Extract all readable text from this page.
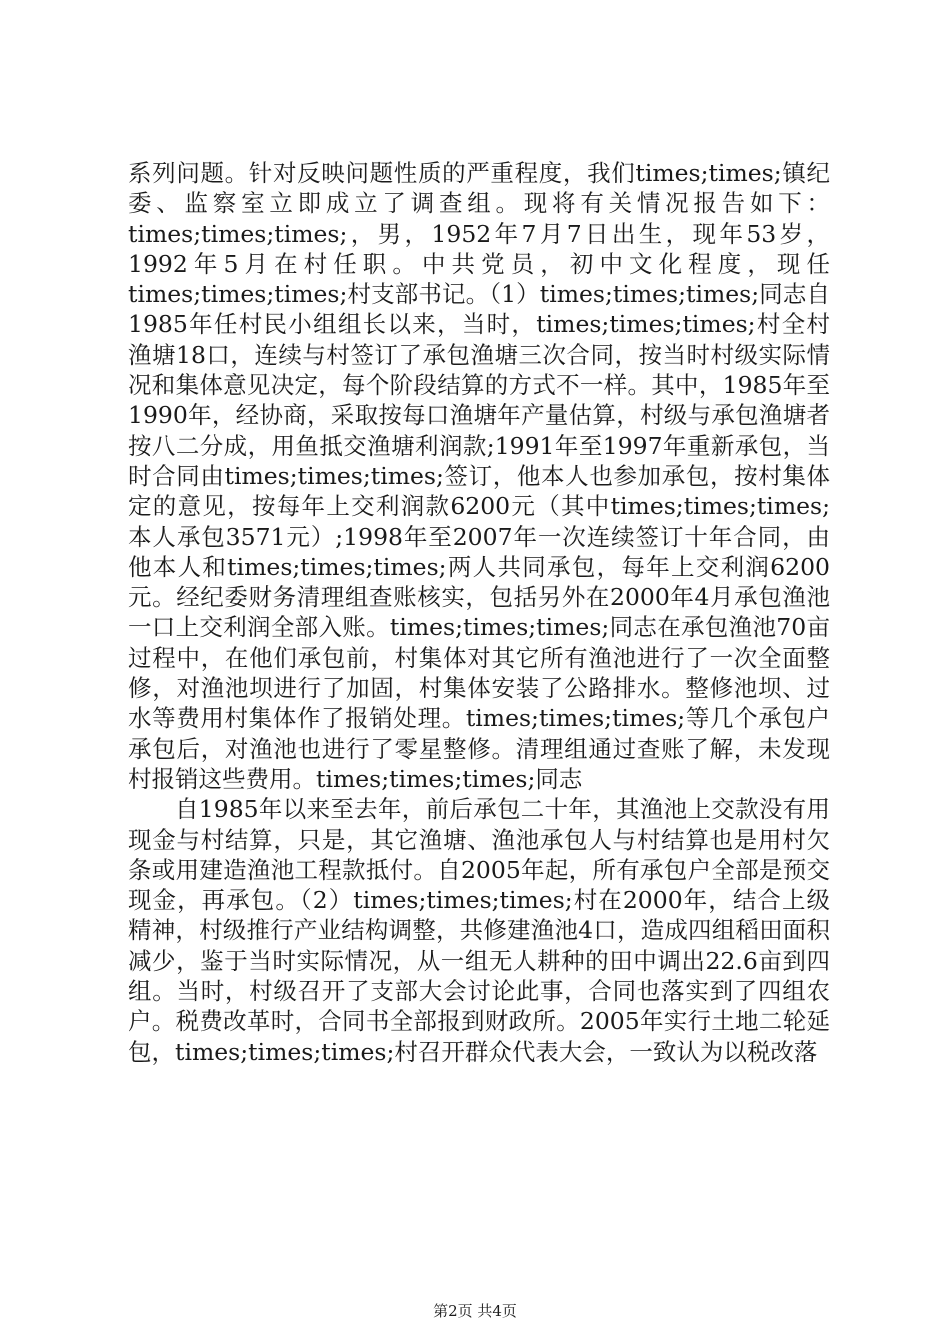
系列问题。针对反映问题性质的严重程度，我们times;times;镇纪委、监察室立即成立了调查组。现将有关情况报告如下：times;times;times;，男，1952年7月7日出生，现年53岁，1992年5月在村任职。中共党员，初中文化程度，现任times;times;times;村支部书记。（1）times;times;times;同志自1985年任村民小组组长以来，当时，times;times;times;村全村渔塘18口，连续与村签订了承包渔塘三次合同，按当时村级实际情况和集体意见决定，每个阶段结算的方式不一样。其中，1985年至1990年，经协商，采取按每口渔塘年产量估算，村级与承包渔塘者按八二分成，用鱼抵交渔塘利润款;1991年至1997年重新承包，当时合同由times;times;times;签订，他本人也参加承包，按村集体定的意见，按每年上交利润款6200元（其中times;times;times;本人承包3571元）;1998年至2007年一次连续签订十年合同，由他本人和times;times;times;两人共同承包，每年上交利润6200元。经纪委财务清理组查账核实，包括另外在2000年4月承包渔池一口上交利润全部入账。times;times;times;同志在承包渔池70亩过程中，在他们承包前，村集体对其它所有渔池进行了一次全面整修，对渔池坝进行了加固，村集体安装了公路排水。整修池坝、过水等费用村集体作了报销处理。times;times;times;等几个承包户承包后，对渔池也进行了零星整修。清理组通过查账了解，未发现村报销这些费用。times;times;times;同志

自1985年以来至去年，前后承包二十年，其渔池上交款没有用现金与村结算，只是，其它渔塘、渔池承包人与村结算也是用村欠条或用建造渔池工程款抵付。自2005年起，所有承包户全部是预交现金，再承包。（2）times;times;times;村在2000年，结合上级精神，村级推行产业结构调整，共修建渔池4口，造成四组稻田面积减少，鉴于当时实际情况，从一组无人耕种的田中调出22.6亩到四组。当时，村级召开了支部大会讨论此事，合同也落实到了四组农户。税费改革时，合同书全部报到财政所。2005年实行土地二轮延包，times;times;times;村召开群众代表大会，一致认为以税改落

第2页 共4页
